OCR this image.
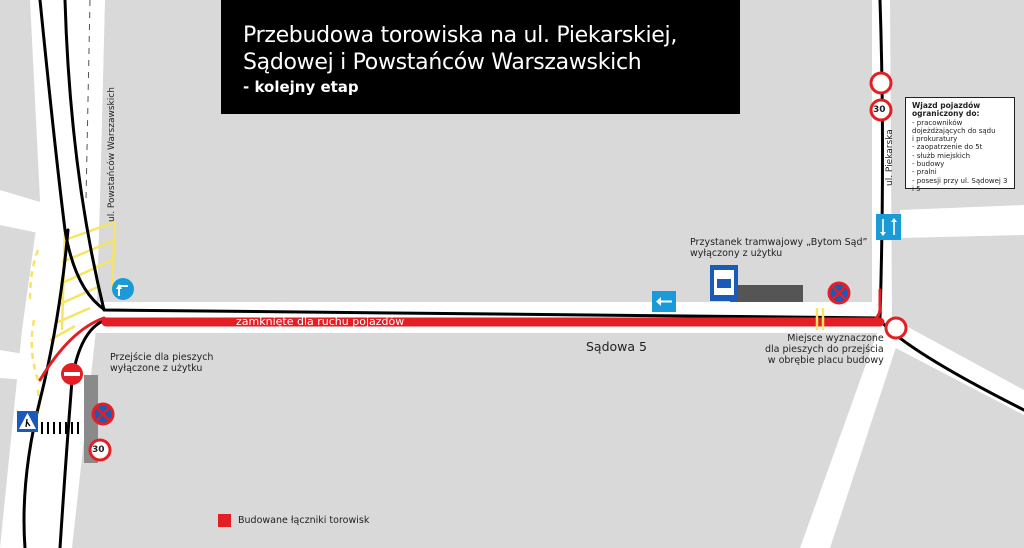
Przebudowa torowiska na ul. Piekarskiej,
Sądowej i Powstańców Warszawskich
- kolejny etap
ul. Powstańców Warszawskich	ul. Piekarska
Sądowa 5
zamknięte dla ruchu pojazdów
Przystanek tramwajowy „Bytom Sąd”
wyłączony z użytku
Przejście dla pieszych
wyłączone z użytku
Miejsce wyznaczone
dla pieszych do przejścia
w obrębie placu budowy
30
30	Wjazd pojazdów ograniczony do:
- pracowników
dojeżdżających do sądu
i prokuratury
- zaopatrzenie do 5t
- służb miejskich
- budowy
- pralni
- posesji przy ul. Sądowej 3 i 5
Budowane łączniki torowisk
